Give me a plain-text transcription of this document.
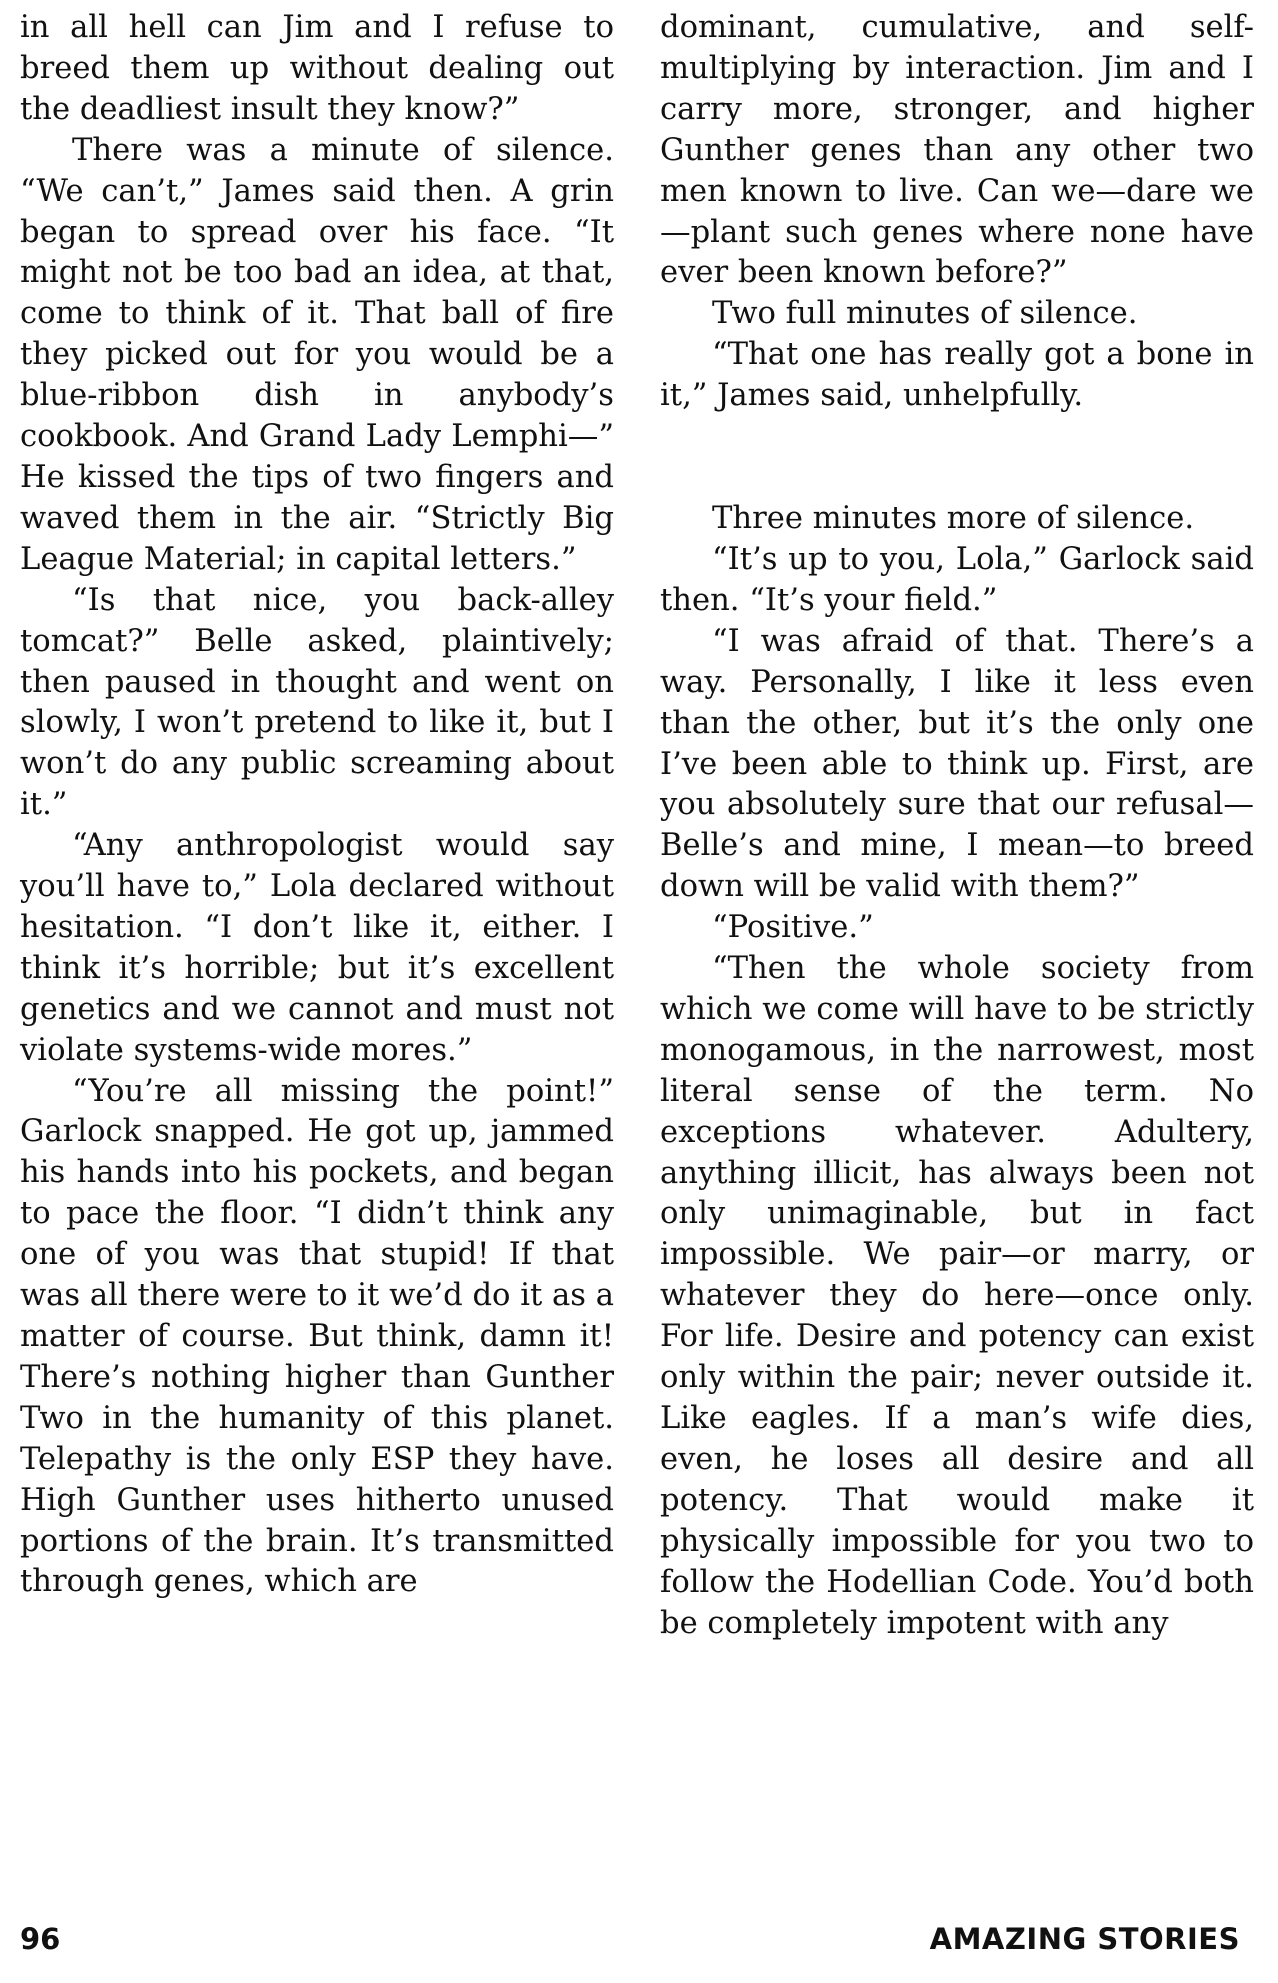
in all hell can Jim and I refuse to breed them up without dealing out the deadliest insult they know?”

There was a minute of silence. “We can’t,” James said then. A grin began to spread over his face. “It might not be too bad an idea, at that, come to think of it. That ball of fire they picked out for you would be a blue-ribbon dish in anybody’s cookbook. And Grand Lady Lemphi—” He kissed the tips of two fingers and waved them in the air. “Strictly Big League Material; in capital letters.”

“Is that nice, you back-alley tomcat?” Belle asked, plaintively; then paused in thought and went on slowly, I won’t pretend to like it, but I won’t do any public screaming about it.”

“Any anthropologist would say you’ll have to,” Lola declared without hesitation. “I don’t like it, either. I think it’s horrible; but it’s excellent genetics and we cannot and must not violate systems-wide mores.”

“You’re all missing the point!” Garlock snapped. He got up, jammed his hands into his pockets, and began to pace the floor. “I didn’t think any one of you was that stupid! If that was all there were to it we’d do it as a matter of course. But think, damn it! There’s nothing higher than Gunther Two in the humanity of this planet. Telepathy is the only ESP they have. High Gunther uses hitherto unused portions of the brain. It’s transmitted through genes, which are

dominant, cumulative, and self-multiplying by interaction. Jim and I carry more, stronger, and higher Gunther genes than any other two men known to live. Can we—dare we—plant such genes where none have ever been known before?”

Two full minutes of silence.

“That one has really got a bone in it,” James said, unhelpfully.

Three minutes more of silence.

“It’s up to you, Lola,” Garlock said then. “It’s your field.”

“I was afraid of that. There’s a way. Personally, I like it less even than the other, but it’s the only one I’ve been able to think up. First, are you absolutely sure that our refusal—Belle’s and mine, I mean—to breed down will be valid with them?”

“Positive.”

“Then the whole society from which we come will have to be strictly monogamous, in the narrowest, most literal sense of the term. No exceptions whatever. Adultery, anything illicit, has always been not only unimaginable, but in fact impossible. We pair—or marry, or whatever they do here—once only. For life. Desire and potency can exist only within the pair; never outside it. Like eagles. If a man’s wife dies, even, he loses all desire and all potency. That would make it physically impossible for you two to follow the Hodellian Code. You’d both be completely impotent with any

96	AMAZING STORIES
